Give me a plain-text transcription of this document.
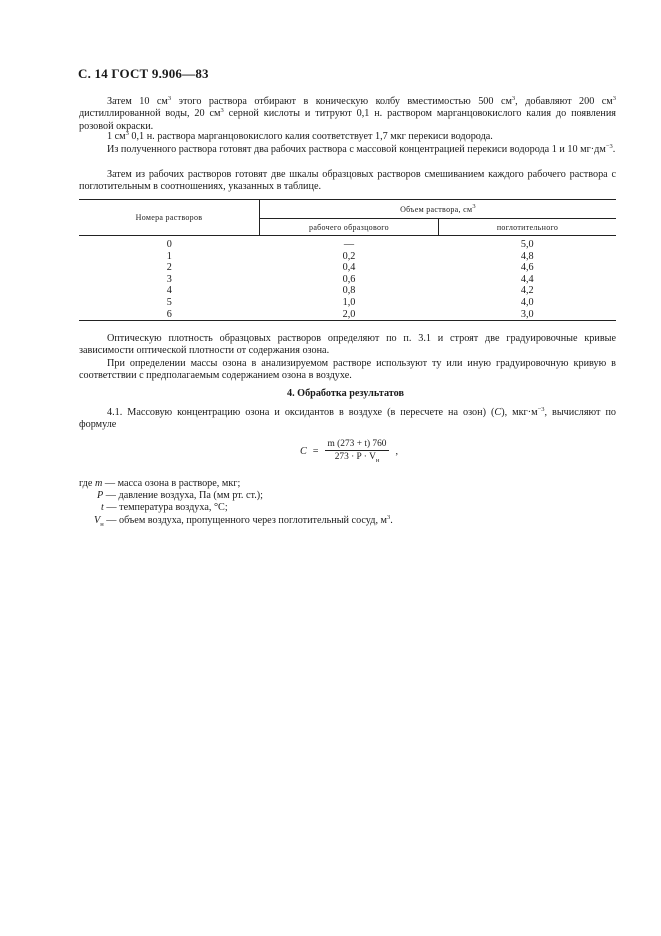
С. 14 ГОСТ 9.906—83
Затем 10 $см^3$ этого раствора отбирают в коническую колбу вместимостью 500 $см^3$, добавляют 200 $см^3$ дистиллированной воды, 20 $см^3$ серной кислоты и титруют 0,1 н. раствором марганцовокислого калия до появления розовой окраски.
1 $см^3$ 0,1 н. раствора марганцовокислого калия соответствует 1,7 мкг перекиси водорода.
Из полученного раствора готовят два рабочих раствора с массовой концентрацией перекиси водорода 1 и 10 $мг\cdot дм^{-3}$.
Затем из рабочих растворов готовят две шкалы образцовых растворов смешиванием каждого рабочего раствора с поглотительным в соотношениях, указанных в таблице.
Номера растворов	Объем раствора, $см^3$
	рабочего образцового	поглотительного
0	—	5,0
1	0,2	4,8
2	0,4	4,6
3	0,6	4,4
4	0,8	4,2
5	1,0	4,0
6	2,0	3,0
Оптическую плотность образцовых растворов определяют по п. 3.1 и строят две градуировочные кривые зависимости оптической плотности от содержания озона.
При определении массы озона в анализируемом растворе используют ту или иную градуировочную кривую в соответствии с предполагаемым содержанием озона в воздухе.
4. Обработка результатов
4.1. Массовую концентрацию озона и оксидантов в воздухе (в пересчете на озон) (C), $мкг\cdot м^{-3}$, вычисляют по формуле
$C = \frac{m (273 + t) 760}{273 \cdot P \cdot V_н}$ ,
где m — масса озона в растворе, мкг;
P — давление воздуха, Па (мм рт. ст.);
t — температура воздуха, °С;
$V_н$ — объем воздуха, пропущенного через поглотительный сосуд, $м^3$.
